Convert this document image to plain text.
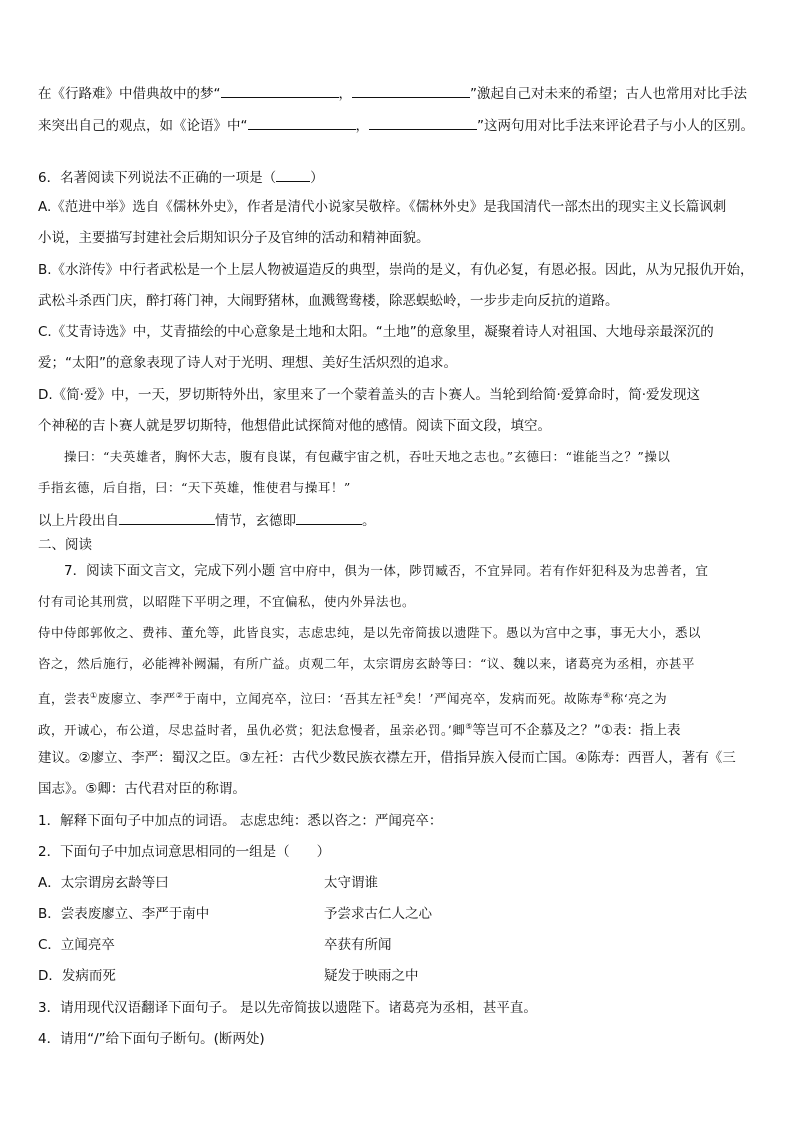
在《行路难》中借典故中的梦“	，	”激起自己对未来的希望；古人也常用对比手法
来突出自己的观点，如《论语》中“	，	”这两句用对比手法来评论君子与小人的区别。
6．名著阅读下列说法不正确的一项是（	）
A.《范进中举》选自《儒林外史》，作者是清代小说家吴敬梓。《儒林外史》是我国清代一部杰出的现实主义长篇讽刺
小说，主要描写封建社会后期知识分子及官绅的活动和精神面貌。
B.《水浒传》中行者武松是一个上层人物被逼造反的典型，崇尚的是义，有仇必复，有恩必报。因此，从为兄报仇开始，
武松斗杀西门庆，醉打蒋门神，大闹野猪林，血溅鸳鸯楼，除恶蜈蚣岭，一步步走向反抗的道路。
C.《艾青诗选》中，艾青描绘的中心意象是土地和太阳。“土地”的意象里，凝聚着诗人对祖国、大地母亲最深沉的
爱；“太阳”的意象表现了诗人对于光明、理想、美好生活炽烈的追求。
D.《简·爱》中，一天，罗切斯特外出，家里来了一个蒙着盖头的吉卜赛人。当轮到给简·爱算命时，简·爱发现这
个神秘的吉卜赛人就是罗切斯特，他想借此试探简对他的感情。阅读下面文段，填空。
操曰：“夫英雄者，胸怀大志，腹有良谋，有包藏宇宙之机，吞吐天地之志也。”玄德曰：“谁能当之？”操以
手指玄德，后自指，曰：“天下英雄，惟使君与操耳！”
以上片段出自	情节，玄德即	。
二、阅读
7．阅读下面文言文，完成下列小题 宫中府中，俱为一体，陟罚臧否，不宜异同。若有作奸犯科及为忠善者，宜
付有司论其刑赏，以昭陛下平明之理，不宜偏私，使内外异法也。
侍中侍郎郭攸之、费祎、董允等，此皆良实，志虑忠纯，是以先帝简拔以遗陛下。愚以为宫中之事，事无大小，悉以
咨之，然后施行，必能裨补阙漏，有所广益。贞观二年，太宗谓房玄龄等曰：“议、魏以来，诸葛亮为丞相，亦甚平
直，尝表①废廖立、李严②于南中，立闻亮卒，泣曰：‘吾其左衽③矣！’严闻亮卒，发病而死。故陈寿④称‘亮之为
政，开诚心，布公道，尽忠益时者，虽仇必赏；犯法怠慢者，虽亲必罚。’卿⑤等岂可不企慕及之？”①表：指上表
建议。②廖立、李严：蜀汉之臣。③左衽：古代少数民族衣襟左开，借指异族入侵而亡国。④陈寿：西晋人，著有《三
国志》。⑤卿：古代君对臣的称谓。
1．解释下面句子中加点的词语。 志虑忠纯：悉以咨之：严闻亮卒：
2．下面句子中加点词意思相同的一组是（　　）
A．太宗谓房玄龄等曰	太守谓谁
B．尝表废廖立、李严于南中	予尝求古仁人之心
C．立闻亮卒	卒获有所闻
D．发病而死	疑发于映雨之中
3．请用现代汉语翻译下面句子。 是以先帝简拔以遗陛下。诸葛亮为丞相，甚平直。
4．请用“/”给下面句子断句。(断两处)
